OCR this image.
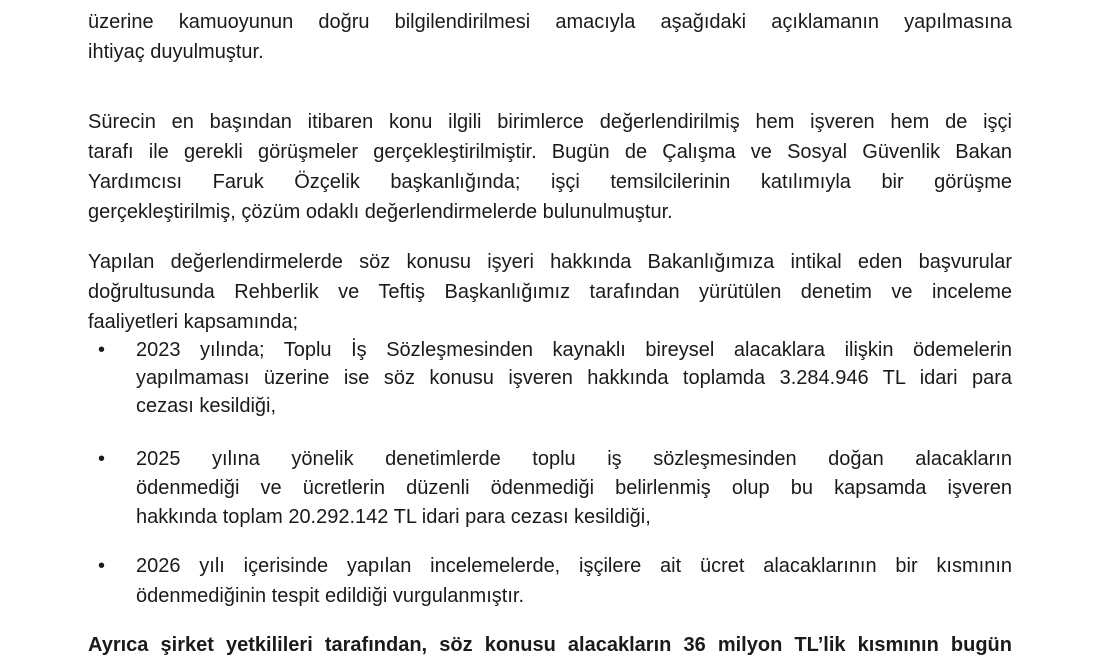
üzerine kamuoyunun doğru bilgilendirilmesi amacıyla aşağıdaki açıklamanın yapılmasına
ihtiyaç duyulmuştur.
Sürecin en başından itibaren konu ilgili birimlerce değerlendirilmiş hem işveren hem de işçi
tarafı ile gerekli görüşmeler gerçekleştirilmiştir. Bugün de Çalışma ve Sosyal Güvenlik Bakan
Yardımcısı Faruk Özçelik başkanlığında; işçi temsilcilerinin katılımıyla bir görüşme
gerçekleştirilmiş, çözüm odaklı değerlendirmelerde bulunulmuştur.
Yapılan değerlendirmelerde söz konusu işyeri hakkında Bakanlığımıza intikal eden başvurular
doğrultusunda Rehberlik ve Teftiş Başkanlığımız tarafından yürütülen denetim ve inceleme
faaliyetleri kapsamında;
• 2023 yılında; Toplu İş Sözleşmesinden kaynaklı bireysel alacaklara ilişkin ödemelerin
yapılmaması üzerine ise söz konusu işveren hakkında toplamda 3.284.946 TL idari para
cezası kesildiği,
• 2025 yılına yönelik denetimlerde toplu iş sözleşmesinden doğan alacakların
ödenmediği ve ücretlerin düzenli ödenmediği belirlenmiş olup bu kapsamda işveren
hakkında toplam 20.292.142 TL idari para cezası kesildiği,
• 2026 yılı içerisinde yapılan incelemelerde, işçilere ait ücret alacaklarının bir kısmının
ödenmediğinin tespit edildiği vurgulanmıştır.
Ayrıca şirket yetkilileri tarafından, söz konusu alacakların 36 milyon TL’lik kısmının bugün
